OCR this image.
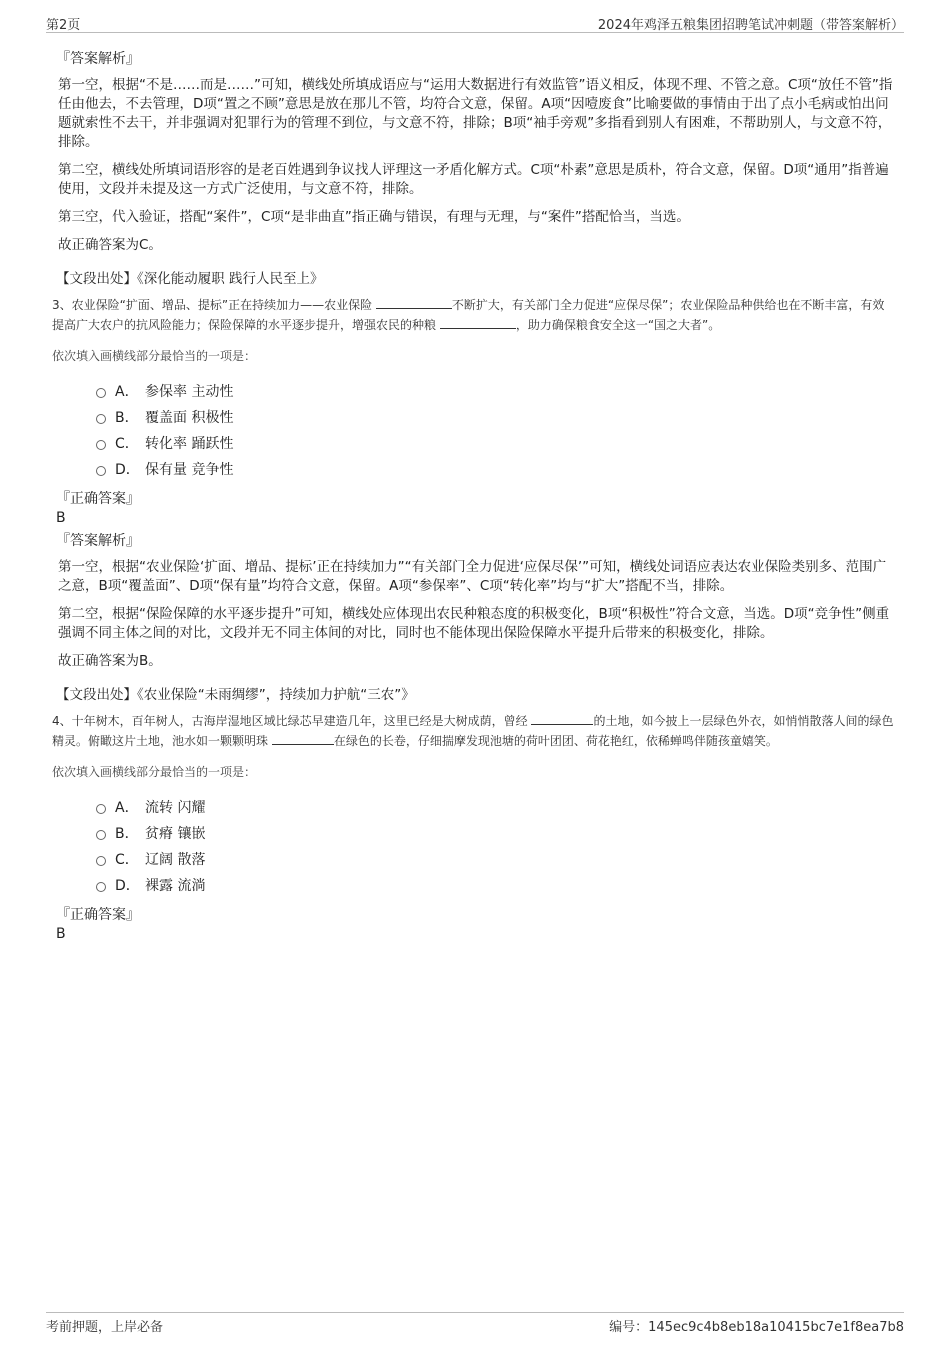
第2页	2024年鸡泽五粮集团招聘笔试冲刺题（带答案解析）
『答案解析』

第一空，根据“不是……而是……”可知，横线处所填成语应与“运用大数据进行有效监管”语义相反，体现不理、不管之意。C项“放任不管”指任由他去，不去管理，D项“置之不顾”意思是放在那儿不管，均符合文意，保留。A项“因噎废食”比喻要做的事情由于出了点小毛病或怕出问题就索性不去干，并非强调对犯罪行为的管理不到位，与文意不符，排除；B项“袖手旁观”多指看到别人有困难，不帮助别人，与文意不符，排除。

第二空，横线处所填词语形容的是老百姓遇到争议找人评理这一矛盾化解方式。C项“朴素”意思是质朴，符合文意，保留。D项“通用”指普遍使用，文段并未提及这一方式广泛使用，与文意不符，排除。

第三空，代入验证，搭配“案件”，C项“是非曲直”指正确与错误，有理与无理，与“案件”搭配恰当，当选。

故正确答案为C。

【文段出处】《深化能动履职 践行人民至上》
3、农业保险“扩面、增品、提标”正在持续加力——农业保险	不断扩大，有关部门全力促进“应保尽保”；农业保险品种供给也在不断丰富，有效提高广大农户的抗风险能力；保险保障的水平逐步提升，增强农民的种粮	，助力确保粮食安全这一“国之大者”。
依次填入画横线部分最恰当的一项是：
A． 参保率 主动性
B． 覆盖面 积极性
C． 转化率 踊跃性
D． 保有量 竞争性
『正确答案』
B
『答案解析』

第一空，根据“农业保险‘扩面、增品、提标’正在持续加力”“有关部门全力促进‘应保尽保’”可知，横线处词语应表达农业保险类别多、范围广之意，B项“覆盖面”、D项“保有量”均符合文意，保留。A项“参保率”、C项“转化率”均与“扩大”搭配不当，排除。

第二空，根据“保险保障的水平逐步提升”可知，横线处应体现出农民种粮态度的积极变化，B项“积极性”符合文意，当选。D项“竞争性”侧重强调不同主体之间的对比，文段并无不同主体间的对比，同时也不能体现出保险保障水平提升后带来的积极变化，排除。

故正确答案为B。

【文段出处】《农业保险“未雨绸缪”，持续加力护航“三农”》
4、十年树木，百年树人，古海岸湿地区域比绿芯早建造几年，这里已经是大树成荫，曾经	的土地，如今披上一层绿色外衣，如悄悄散落人间的绿色精灵。俯瞰这片土地，池水如一颗颗明珠	在绿色的长卷，仔细揣摩发现池塘的荷叶团团、荷花艳红，依稀蝉鸣伴随孩童嬉笑。
依次填入画横线部分最恰当的一项是：
A． 流转 闪耀
B． 贫瘠 镶嵌
C． 辽阔 散落
D． 裸露 流淌
『正确答案』
B
考前押题，上岸必备	编号：145ec9c4b8eb18a10415bc7e1f8ea7b8
